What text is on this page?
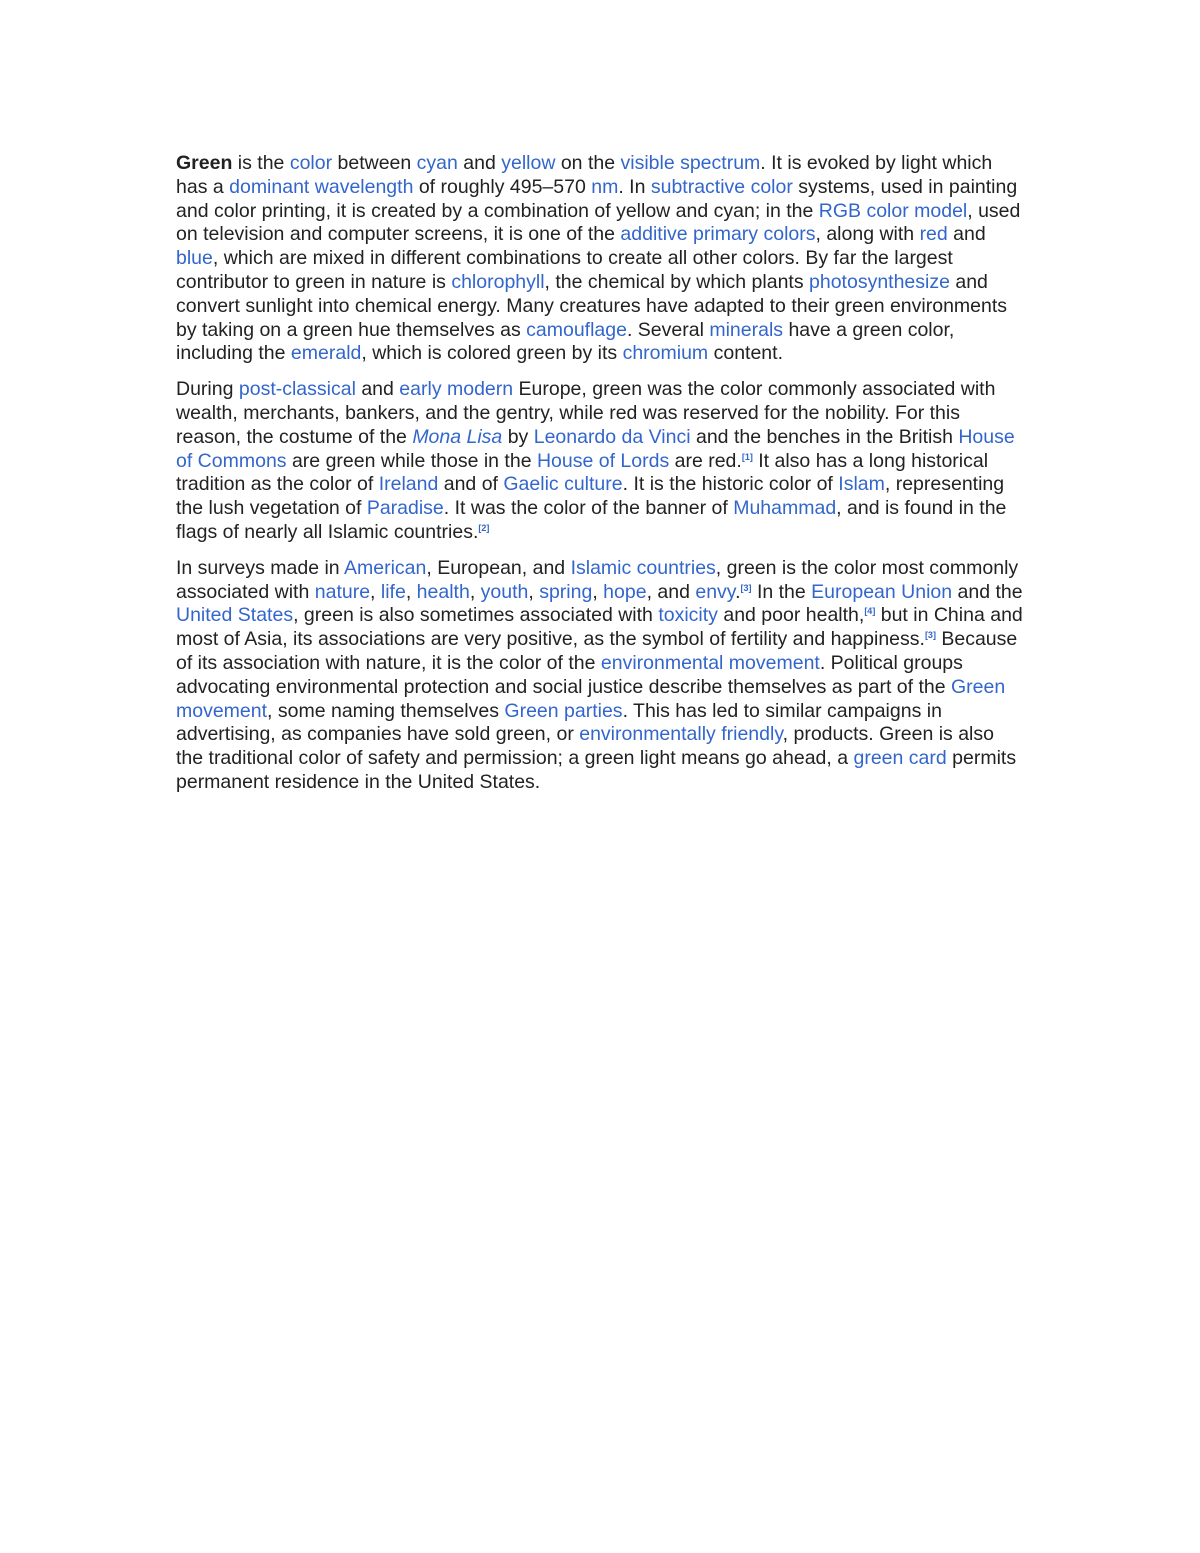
Green is the color between cyan and yellow on the visible spectrum. It is evoked by light which has a dominant wavelength of roughly 495–570 nm. In subtractive color systems, used in painting and color printing, it is created by a combination of yellow and cyan; in the RGB color model, used on television and computer screens, it is one of the additive primary colors, along with red and blue, which are mixed in different combinations to create all other colors. By far the largest contributor to green in nature is chlorophyll, the chemical by which plants photosynthesize and convert sunlight into chemical energy. Many creatures have adapted to their green environments by taking on a green hue themselves as camouflage. Several minerals have a green color, including the emerald, which is colored green by its chromium content.

During post-classical and early modern Europe, green was the color commonly associated with wealth, merchants, bankers, and the gentry, while red was reserved for the nobility. For this reason, the costume of the Mona Lisa by Leonardo da Vinci and the benches in the British House of Commons are green while those in the House of Lords are red.[1] It also has a long historical tradition as the color of Ireland and of Gaelic culture. It is the historic color of Islam, representing the lush vegetation of Paradise. It was the color of the banner of Muhammad, and is found in the flags of nearly all Islamic countries.[2]

In surveys made in American, European, and Islamic countries, green is the color most commonly associated with nature, life, health, youth, spring, hope, and envy.[3] In the European Union and the United States, green is also sometimes associated with toxicity and poor health,[4] but in China and most of Asia, its associations are very positive, as the symbol of fertility and happiness.[3] Because of its association with nature, it is the color of the environmental movement. Political groups advocating environmental protection and social justice describe themselves as part of the Green movement, some naming themselves Green parties. This has led to similar campaigns in advertising, as companies have sold green, or environmentally friendly, products. Green is also the traditional color of safety and permission; a green light means go ahead, a green card permits permanent residence in the United States.
